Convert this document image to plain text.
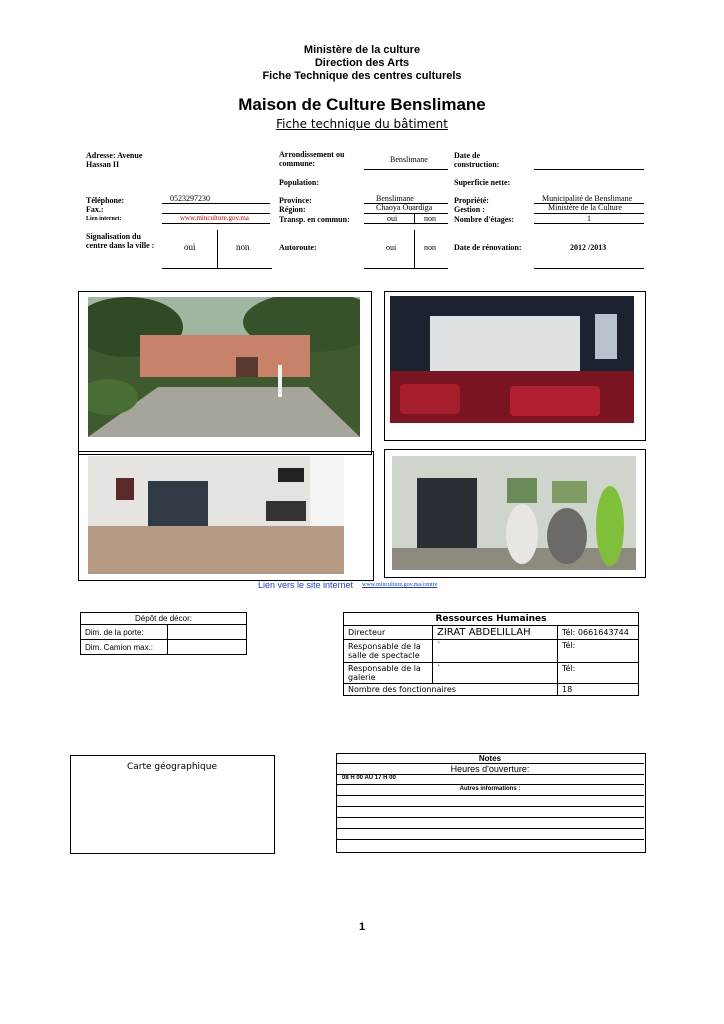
Ministère de la culture
Direction des Arts
Fiche Technique des centres culturels
Maison de Culture Benslimane
Fiche technique du bâtiment
Adresse: Avenue Hassan II
Arrondissement ou commune:	Benslimane	Date de construction:
Population:	Superficie nette:
Téléphone:	0523297230
Fax.:
Lien internet:	www.minculture.gov.ma
Province:	Benslimane
Région:	Chaoya Ouardiga
Transp. en commun:	oui	non
Propriété:	Municipalité de Benslimane
Gestion :	Ministère de la Culture
Nombre d'étages:	1
Signalisation du centre dans la ville :	oui	non	Autoroute:	oui	non Date de rénovation:	2012 /2013
Lien vers le site internet www.minculture.gov.ma/centre
Dépôt de décor:	
Dim. de la porte:	
Dim. Camion max.:	
Ressources Humaines		
Directeur	ZIRAT ABDELILLAH	Tél: 0661643744
Responsable de la salle de spectacle	`	Tél:
Responsable de la galerie	`	Tél:
Nombre des fonctionnaires		18
Carte géographique
Notes
Heures d'ouverture:
08 H 00 AU 17 H 00
Autres informations :
1
